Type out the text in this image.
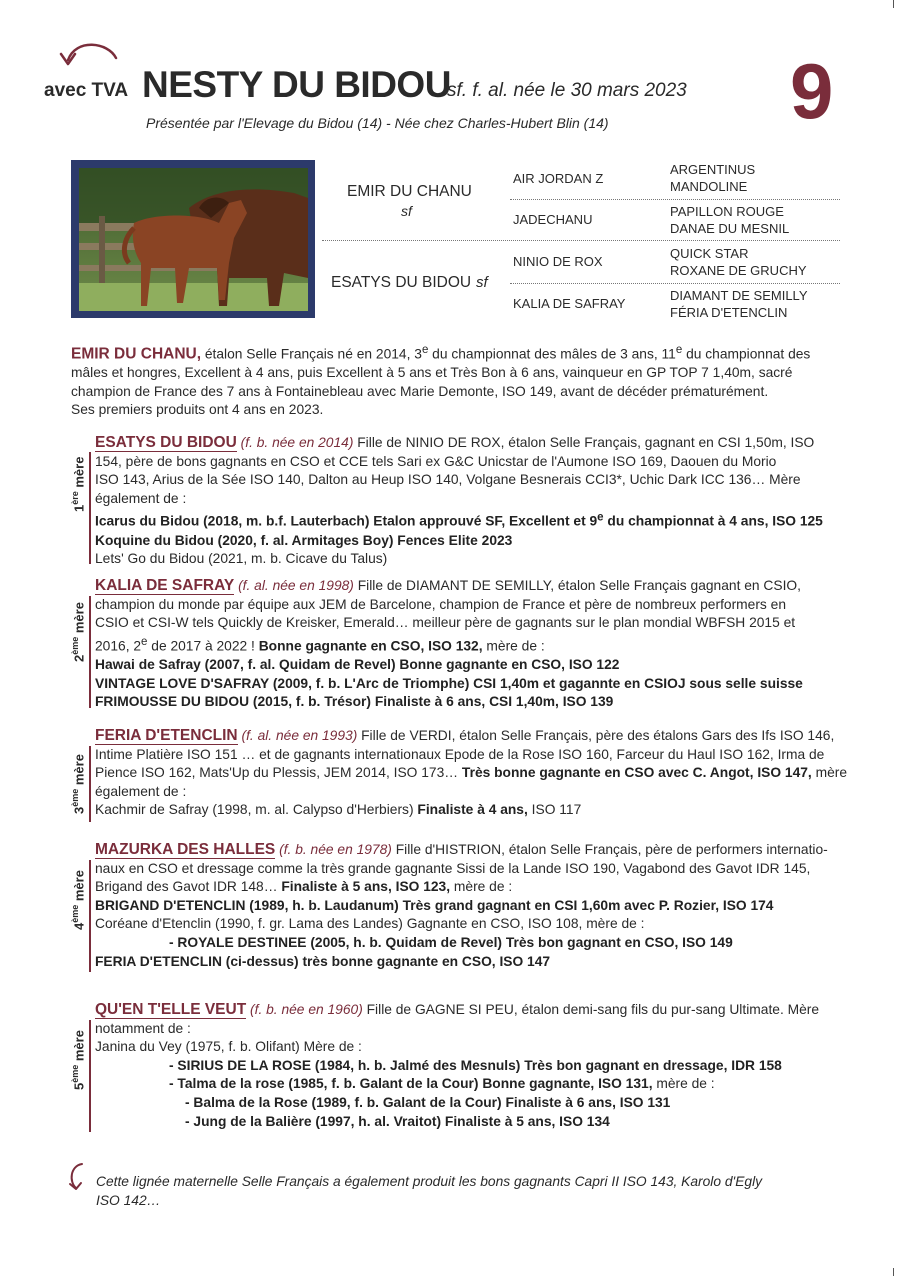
avec TVA NESTY DU BIDOU
sf. f. al. née le 30 mars 2023 9
Présentée par l'Elevage du Bidou (14) - Née chez Charles-Hubert Blin (14)
EMIR DU CHANU
sf
ESATYS DU BIDOU sf
AIR JORDAN Z
JADECHANU
NINIO DE ROX
KALIA DE SAFRAY
ARGENTINUS
MANDOLINE
PAPILLON ROUGE
DANAE DU MESNIL
QUICK STAR
ROXANE DE GRUCHY
DIAMANT DE SEMILLY
FÉRIA D'ETENCLIN
EMIR DU CHANU, étalon Selle Français né en 2014, 3e du championnat des mâles de 3 ans, 11e du championnat des
mâles et hongres, Excellent à 4 ans, puis Excellent à 5 ans et Très Bon à 6 ans, vainqueur en GP TOP 7 1,40m, sacré
champion de France des 7 ans à Fontainebleau avec Marie Demonte, ISO 149, avant de décéder prématurément.
Ses premiers produits ont 4 ans en 2023.
1ère mère
ESATYS DU BIDOU (f. b. née en 2014) Fille de NINIO DE ROX, étalon Selle Français, gagnant en CSI 1,50m, ISO
154, père de bons gagnants en CSO et CCE tels Sari ex G&C Unicstar de l'Aumone ISO 169, Daouen du Morio
ISO 143, Arius de la Sée ISO 140, Dalton au Heup ISO 140, Volgane Besnerais CCI3*, Uchic Dark ICC 136… Mère
également de :
Icarus du Bidou (2018, m. b.f. Lauterbach) Etalon approuvé SF, Excellent et 9e du championnat à 4 ans, ISO 125
Koquine du Bidou (2020, f. al. Armitages Boy) Fences Elite 2023
Lets' Go du Bidou (2021, m. b. Cicave du Talus)
2ème mère
KALIA DE SAFRAY (f. al. née en 1998) Fille de DIAMANT DE SEMILLY, étalon Selle Français gagnant en CSIO,
champion du monde par équipe aux JEM de Barcelone, champion de France et père de nombreux performers en
CSIO et CSI-W tels Quickly de Kreisker, Emerald… meilleur père de gagnants sur le plan mondial WBFSH 2015 et
2016, 2e de 2017 à 2022 ! Bonne gagnante en CSO, ISO 132, mère de :
Hawai de Safray (2007, f. al. Quidam de Revel) Bonne gagnante en CSO, ISO 122
VINTAGE LOVE D'SAFRAY (2009, f. b. L'Arc de Triomphe) CSI 1,40m et gagannte en CSIOJ sous selle suisse
FRIMOUSSE DU BIDOU (2015, f. b. Trésor) Finaliste à 6 ans, CSI 1,40m, ISO 139
3ème mère
FERIA D'ETENCLIN (f. al. née en 1993) Fille de VERDI, étalon Selle Français, père des étalons Gars des Ifs ISO 146,
Intime Platière ISO 151 … et de gagnants internationaux Epode de la Rose ISO 160, Farceur du Haul ISO 162, Irma de
Pience ISO 162, Mats'Up du Plessis, JEM 2014, ISO 173… Très bonne gagnante en CSO avec C. Angot, ISO 147, mère
également de :
Kachmir de Safray (1998, m. al. Calypso d'Herbiers) Finaliste à 4 ans, ISO 117
4ème mère
MAZURKA DES HALLES (f. b. née en 1978) Fille d'HISTRION, étalon Selle Français, père de performers internatio-
naux en CSO et dressage comme la très grande gagnante Sissi de la Lande ISO 190, Vagabond des Gavot IDR 145,
Brigand des Gavot IDR 148… Finaliste à 5 ans, ISO 123, mère de :
BRIGAND D'ETENCLIN (1989, h. b. Laudanum) Très grand gagnant en CSI 1,60m avec P. Rozier, ISO 174
Coréane d'Etenclin (1990, f. gr. Lama des Landes) Gagnante en CSO, ISO 108, mère de :
- ROYALE DESTINEE (2005, h. b. Quidam de Revel) Très bon gagnant en CSO, ISO 149
FERIA D'ETENCLIN (ci-dessus) très bonne gagnante en CSO, ISO 147
5ème mère
QU'EN T'ELLE VEUT (f. b. née en 1960) Fille de GAGNE SI PEU, étalon demi-sang fils du pur-sang Ultimate. Mère
notamment de :
Janina du Vey (1975, f. b. Olifant) Mère de :
- SIRIUS DE LA ROSE (1984, h. b. Jalmé des Mesnuls) Très bon gagnant en dressage, IDR 158
- Talma de la rose (1985, f. b. Galant de la Cour) Bonne gagnante, ISO 131, mère de :
- Balma de la Rose (1989, f. b. Galant de la Cour) Finaliste à 6 ans, ISO 131
- Jung de la Balière (1997, h. al. Vraitot) Finaliste à 5 ans, ISO 134
Cette lignée maternelle Selle Français a également produit les bons gagnants Capri II ISO 143, Karolo d'Egly
ISO 142…
